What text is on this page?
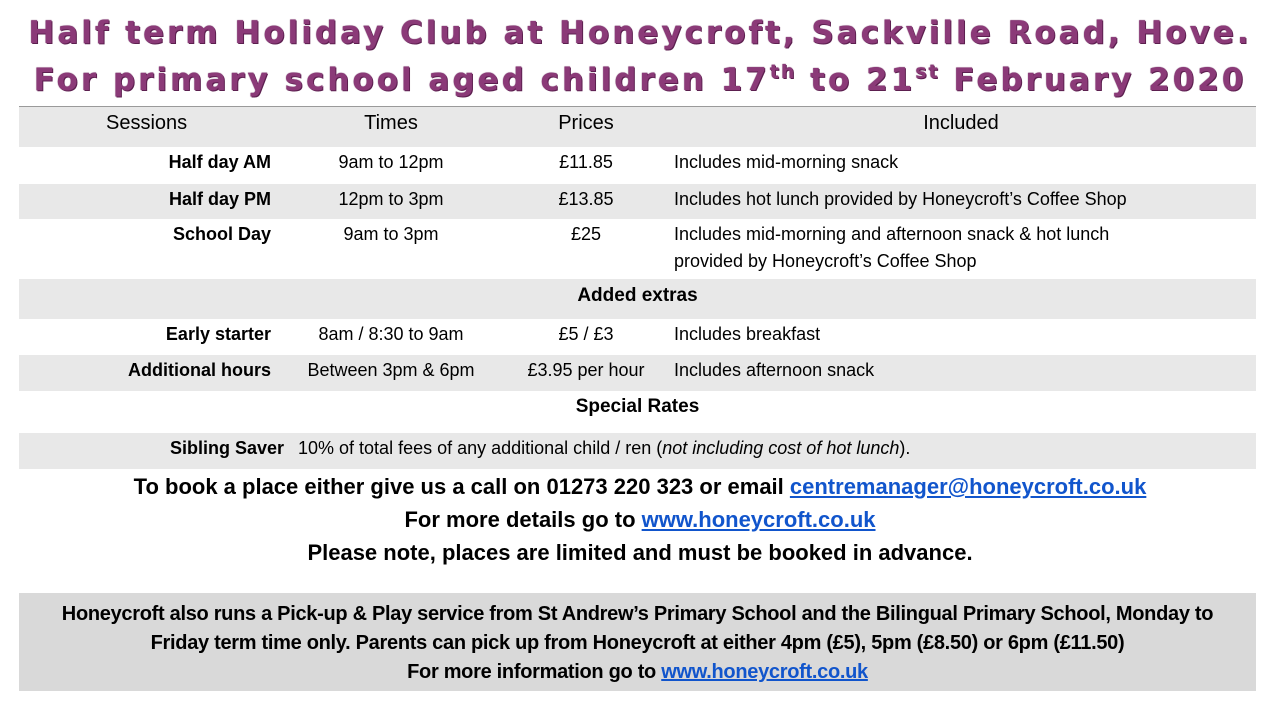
Half term Holiday Club at Honeycroft, Sackville Road, Hove.
For primary school aged children 17th to 21st February 2020
Sessions	Times	Prices	Included
Half day AM	9am to 12pm	£11.85	Includes mid-morning snack
Half day PM	12pm to 3pm	£13.85	Includes hot lunch provided by Honeycroft’s Coffee Shop
School Day	9am to 3pm	£25	Includes mid-morning and afternoon snack & hot lunch provided by Honeycroft’s Coffee Shop
Added extras
Early starter	8am / 8:30 to 9am	£5 / £3	Includes breakfast
Additional hours	Between 3pm & 6pm	£3.95 per hour	Includes afternoon snack
Special Rates
Sibling Saver 10% of total fees of any additional child / ren (not including cost of hot lunch).
To book a place either give us a call on 01273 220 323 or email centremanager@honeycroft.co.uk
For more details go to www.honeycroft.co.uk
Please note, places are limited and must be booked in advance.
Honeycroft also runs a Pick-up & Play service from St Andrew’s Primary School and the Bilingual Primary School, Monday to
Friday term time only. Parents can pick up from Honeycroft at either 4pm (£5), 5pm (£8.50) or 6pm (£11.50)
For more information go to www.honeycroft.co.uk
